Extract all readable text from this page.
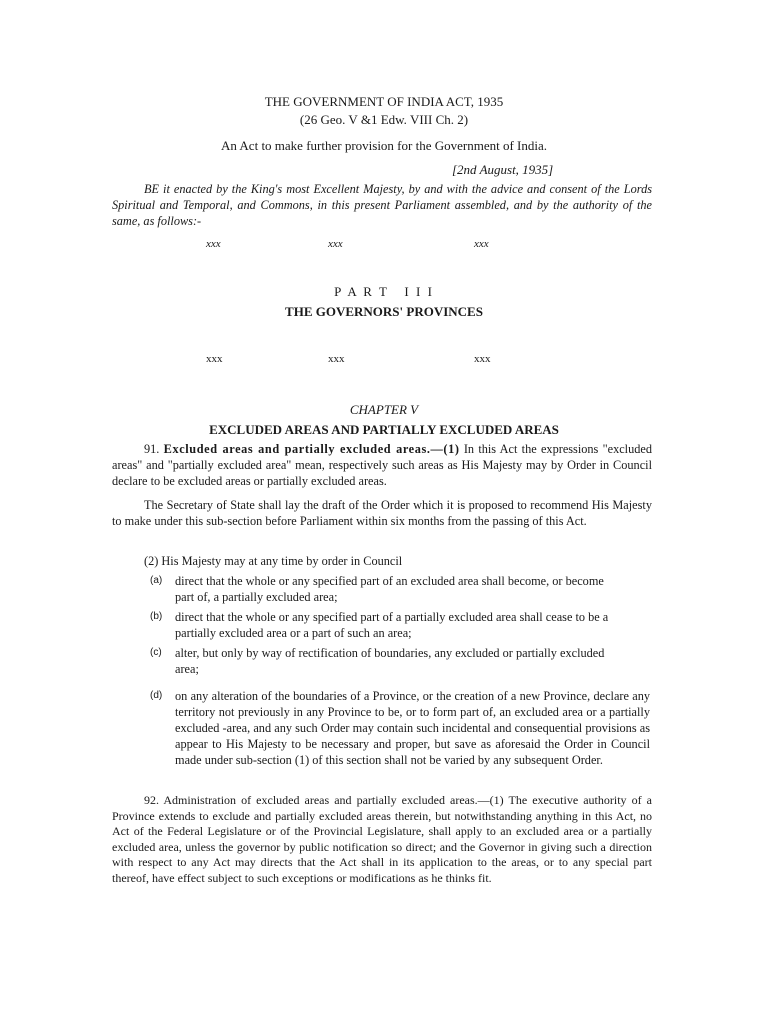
THE GOVERNMENT OF INDIA ACT, 1935
(26 Geo. V &1 Edw. VIII Ch. 2)
An Act to make further provision for the Government of India.
[2nd August, 1935]
BE it enacted by the King's most Excellent Majesty, by and with the advice and consent of the Lords Spiritual and Temporal, and Commons, in this present Parliament assembled, and by the authority of the same, as follows:-
xxx	xxx	xxx
P A R T   I I I
THE GOVERNORS' PROVINCES
xxx	xxx	xxx
CHAPTER V
EXCLUDED AREAS AND PARTIALLY EXCLUDED AREAS
91. Excluded areas and partially excluded areas.—(1) In this Act the expressions "excluded areas" and "partially excluded area" mean, respectively such areas as His Majesty may by Order in Council declare to be excluded areas or partially excluded areas.
The Secretary of State shall lay the draft of the Order which it is proposed to recommend His Majesty to make under this sub-section before Parliament within six months from the passing of this Act.
(2) His Majesty may at any time by order in Council
(a) direct that the whole or any specified part of an excluded area shall become, or become part of, a partially excluded area;
(b) direct that the whole or any specified part of a partially excluded area shall cease to be a partially excluded area or a part of such an area;
(c) alter, but only by way of rectification of boundaries, any excluded or partially excluded area;
(d) on any alteration of the boundaries of a Province, or the creation of a new Province, declare any territory not previously in any Province to be, or to form part of, an excluded area or a partially excluded -area, and any such Order may contain such incidental and consequential provisions as appear to His Majesty to be necessary and proper, but save as aforesaid the Order in Council made under sub-section (1) of this section shall not be varied by any subsequent Order.
92. Administration of excluded areas and partially excluded areas.—(1) The executive authority of a Province extends to exclude and partially excluded areas therein, but notwithstanding anything in this Act, no Act of the Federal Legislature or of the Provincial Legislature, shall apply to an excluded area or a partially excluded area, unless the governor by public notification so direct; and the Governor in giving such a direction with respect to any Act may directs that the Act shall in its application to the areas, or to any special part thereof, have effect subject to such exceptions or modifications as he thinks fit.
